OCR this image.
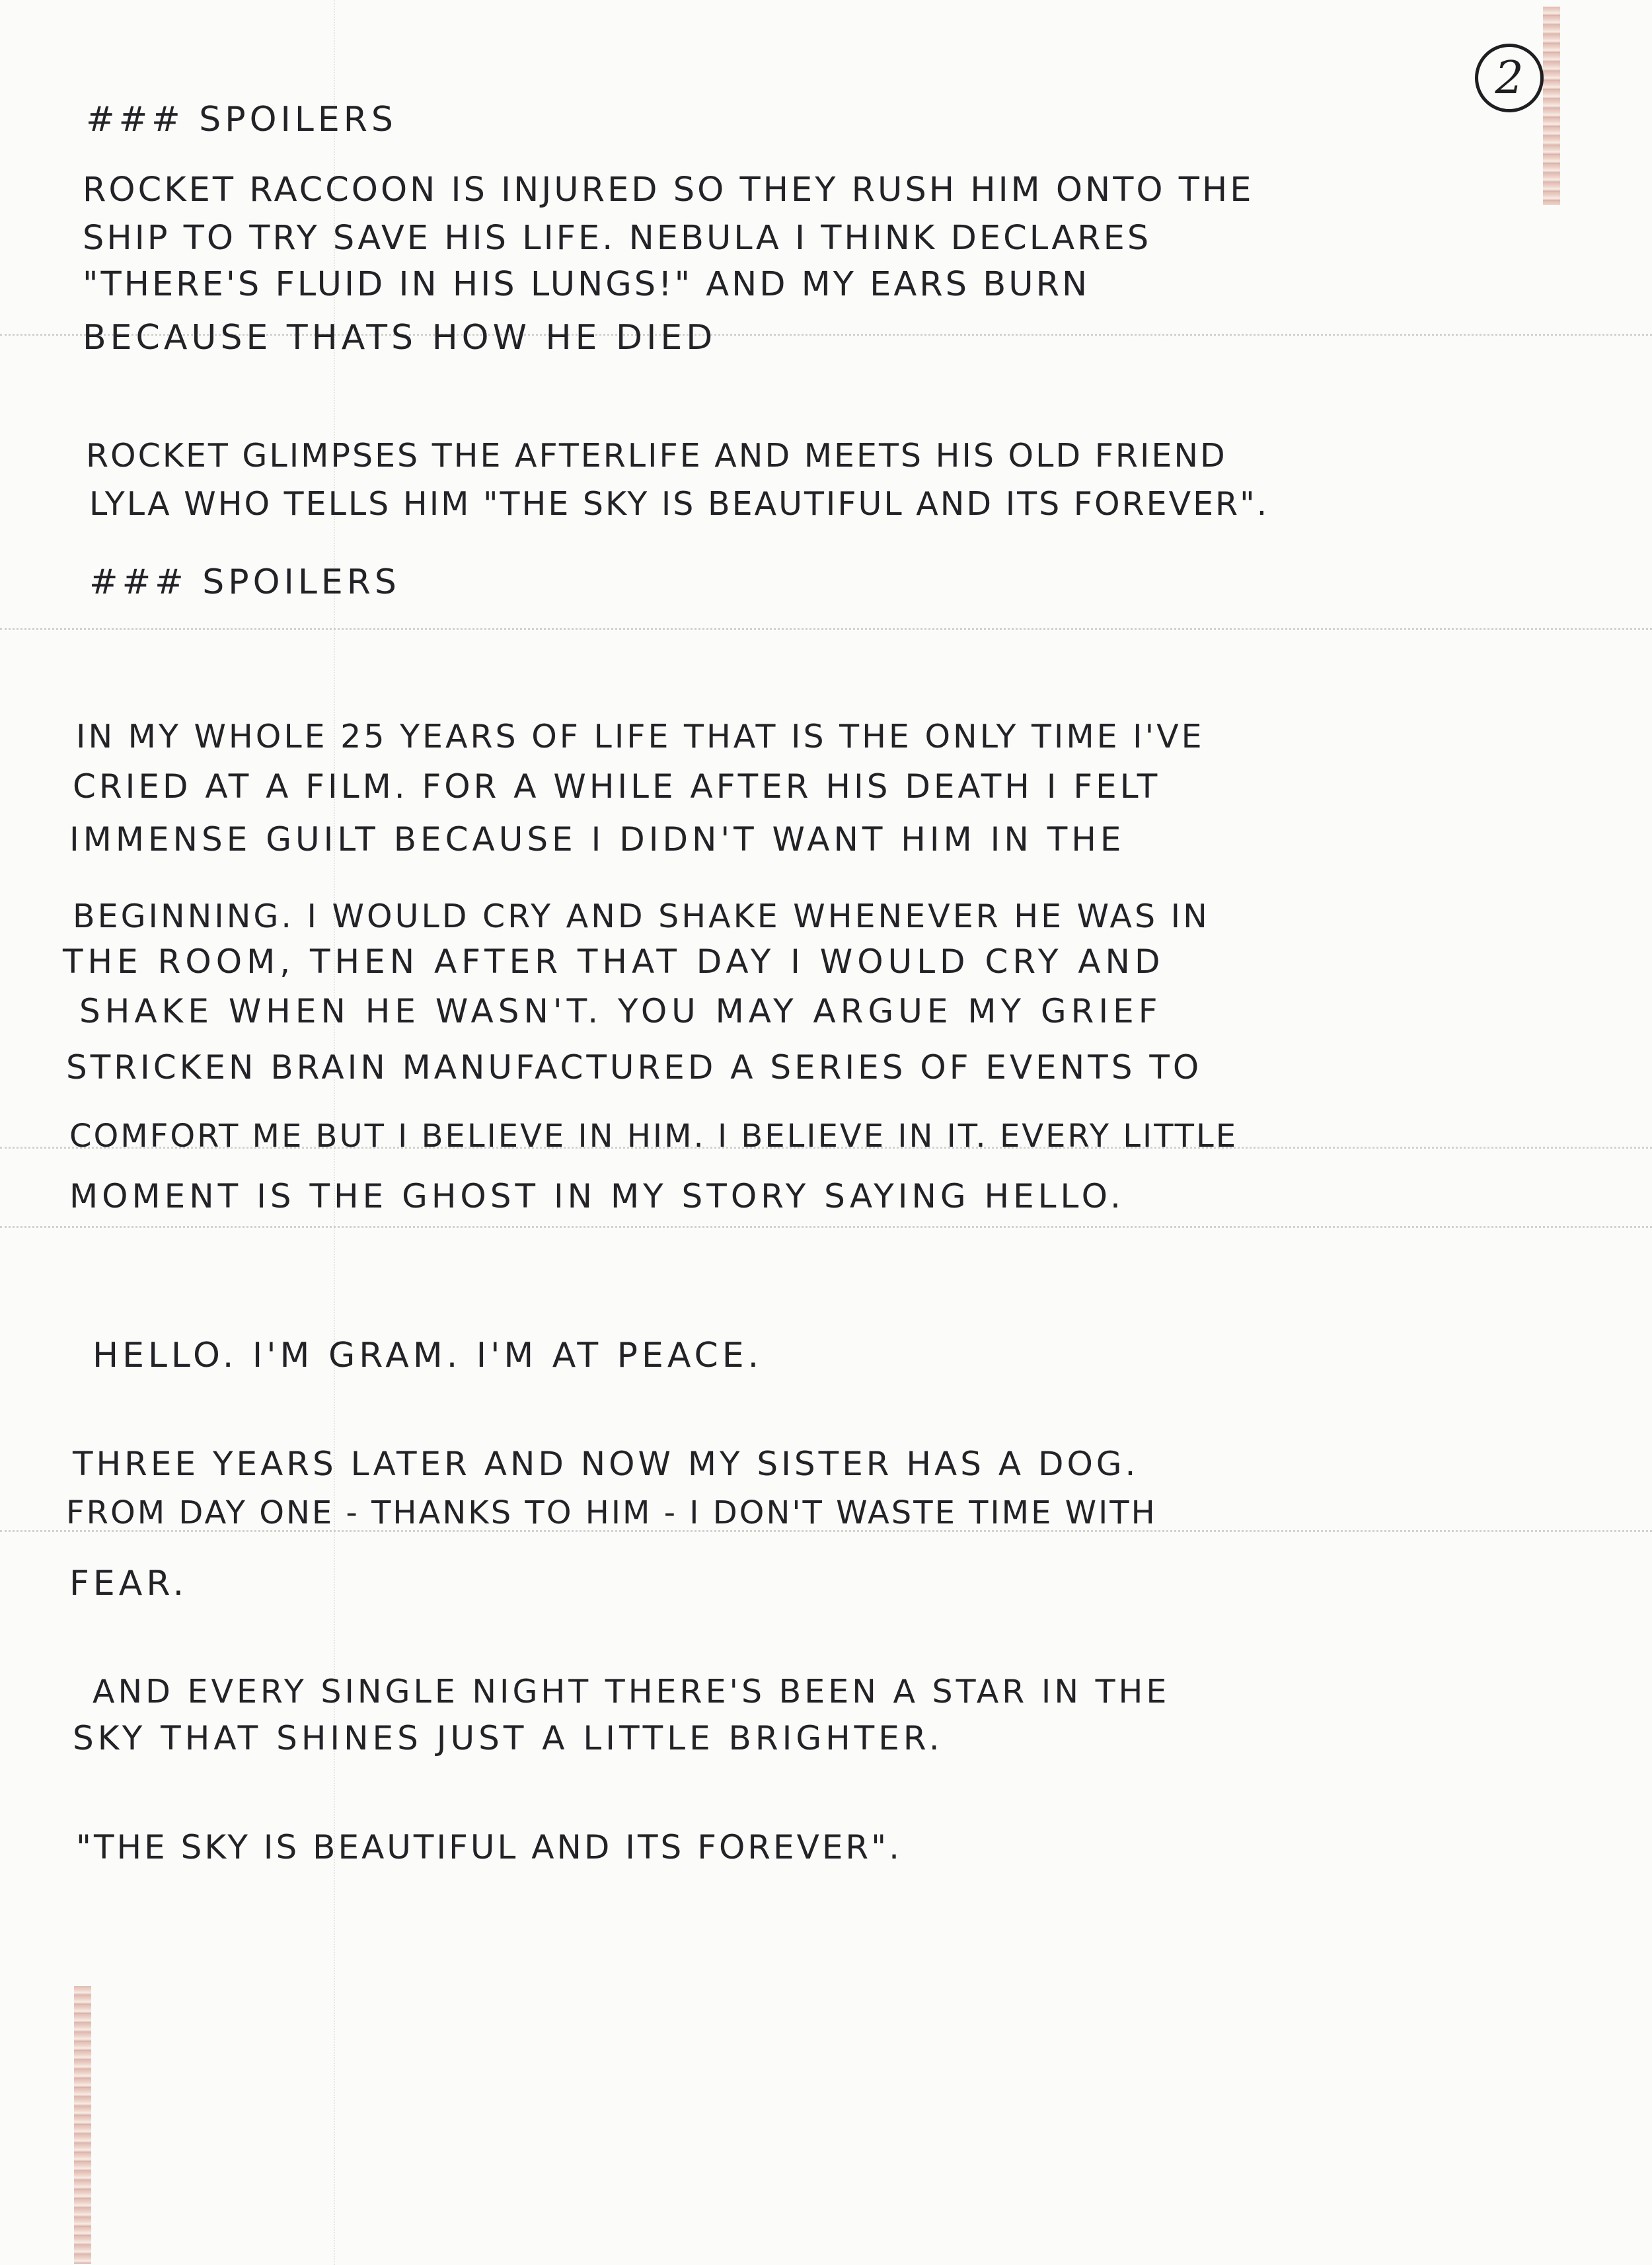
2
### SPOILERS
ROCKET RACCOON IS INJURED SO THEY RUSH HIM ONTO THE
SHIP TO TRY SAVE HIS LIFE. NEBULA I THINK DECLARES
"THERE'S FLUID IN HIS LUNGS!" AND MY EARS BURN
BECAUSE THATS HOW HE DIED
ROCKET GLIMPSES THE AFTERLIFE AND MEETS HIS OLD FRIEND
LYLA WHO TELLS HIM "THE SKY IS BEAUTIFUL AND ITS FOREVER".
### SPOILERS
IN MY WHOLE 25 YEARS OF LIFE THAT IS THE ONLY TIME I'VE
CRIED AT A FILM. FOR A WHILE AFTER HIS DEATH I FELT
IMMENSE GUILT BECAUSE I DIDN'T WANT HIM IN THE
BEGINNING. I WOULD CRY AND SHAKE WHENEVER HE WAS IN
THE ROOM, THEN AFTER THAT DAY I WOULD CRY AND
SHAKE WHEN HE WASN'T. YOU MAY ARGUE MY GRIEF
STRICKEN BRAIN MANUFACTURED A SERIES OF EVENTS TO
COMFORT ME BUT I BELIEVE IN HIM. I BELIEVE IN IT. EVERY LITTLE
MOMENT IS THE GHOST IN MY STORY SAYING HELLO.
HELLO. I'M GRAM. I'M AT PEACE.
THREE YEARS LATER AND NOW MY SISTER HAS A DOG.
FROM DAY ONE - THANKS TO HIM - I DON'T WASTE TIME WITH
FEAR.
AND EVERY SINGLE NIGHT THERE'S BEEN A STAR IN THE
SKY THAT SHINES JUST A LITTLE BRIGHTER.
"THE SKY IS BEAUTIFUL AND ITS FOREVER".
